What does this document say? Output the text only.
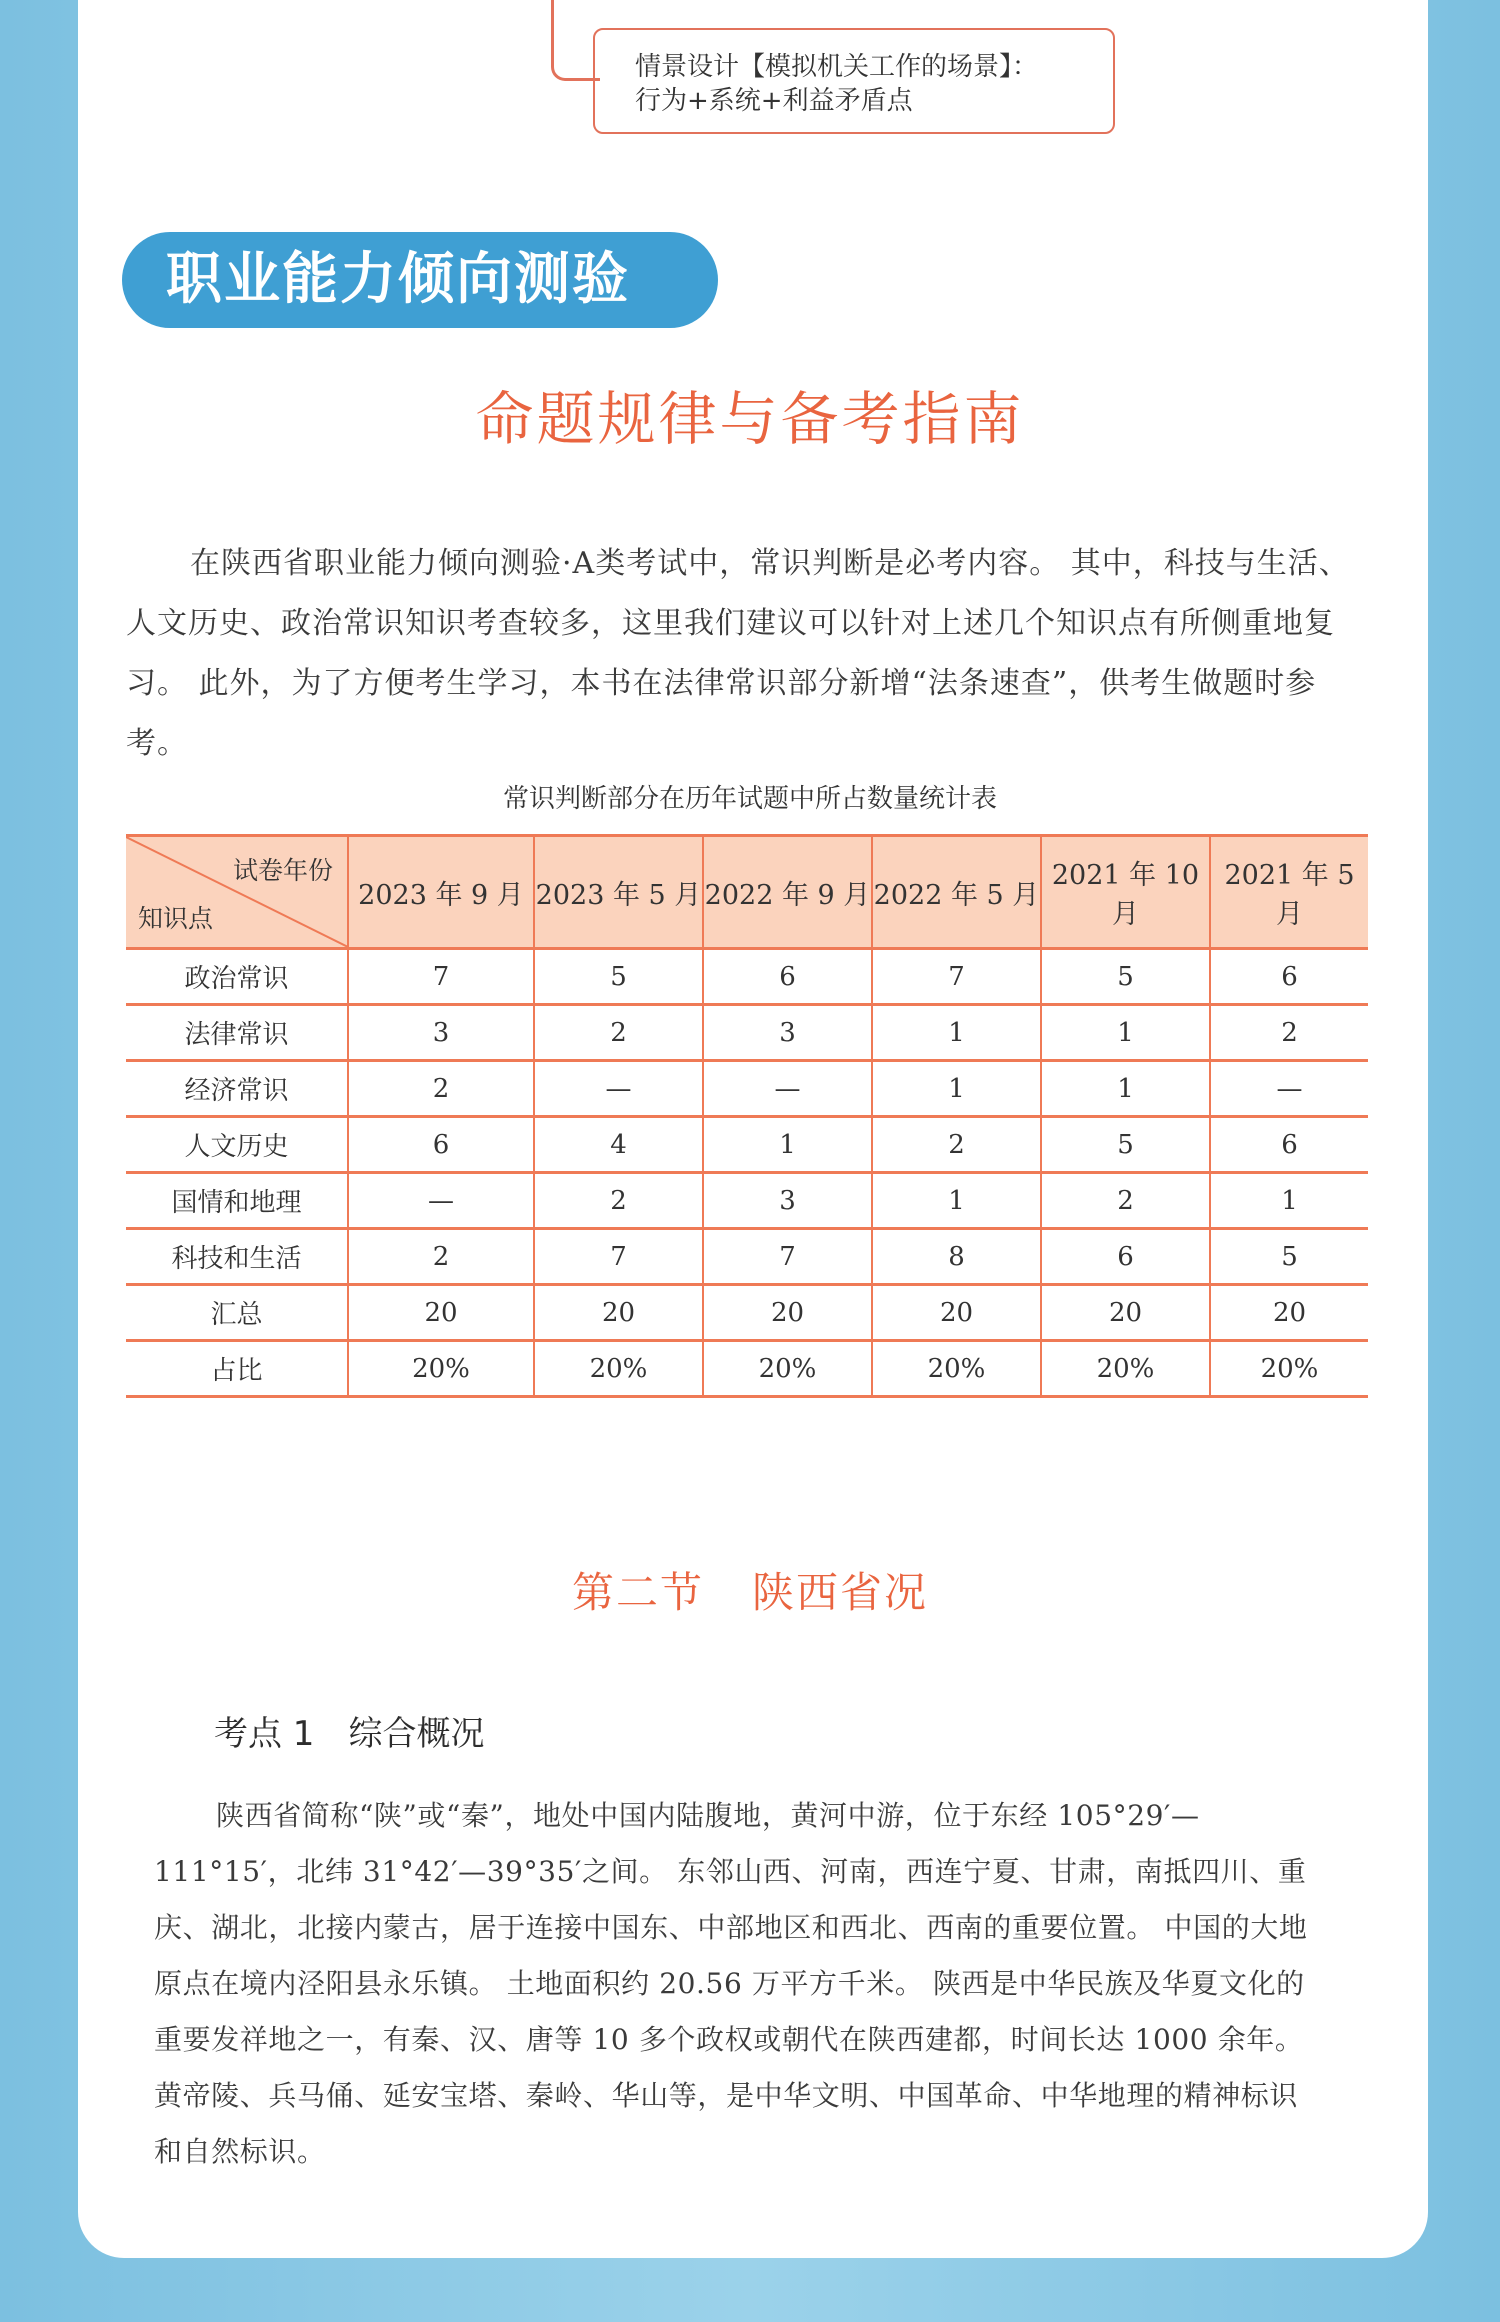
情景设计【模拟机关工作的场景】：
行为+系统+利益矛盾点
职业能力倾向测验
命题规律与备考指南
在陕西省职业能力倾向测验·A类考试中，常识判断是必考内容。 其中，科技与生活、人文历史、政治常识知识考查较多，这里我们建议可以针对上述几个知识点有所侧重地复习。 此外，为了方便考生学习，本书在法律常识部分新增“法条速查”，供考生做题时参考。
常识判断部分在历年试题中所占数量统计表
试卷年份
知识点	2023 年 9 月	2023 年 5 月	2022 年 9 月	2022 年 5 月	2021 年 10 月	2021 年 5 月
政治常识	7	5	6	7	5	6
法律常识	3	2	3	1	1	2
经济常识	2	—	—	1	1	—
人文历史	6	4	1	2	5	6
国情和地理	—	2	3	1	2	1
科技和生活	2	7	7	8	6	5
汇总	20	20	20	20	20	20
占比	20%	20%	20%	20%	20%	20%
第二节 陕西省况
考点 1 综合概况
陕西省简称“陕”或“秦”，地处中国内陆腹地，黄河中游，位于东经 105°29′—111°15′，北纬 31°42′—39°35′之间。 东邻山西、河南，西连宁夏、甘肃，南抵四川、重庆、湖北，北接内蒙古，居于连接中国东、中部地区和西北、西南的重要位置。 中国的大地原点在境内泾阳县永乐镇。 土地面积约 20.56 万平方千米。 陕西是中华民族及华夏文化的重要发祥地之一，有秦、汉、唐等 10 多个政权或朝代在陕西建都，时间长达 1000 余年。 黄帝陵、兵马俑、延安宝塔、秦岭、华山等，是中华文明、中国革命、中华地理的精神标识和自然标识。
